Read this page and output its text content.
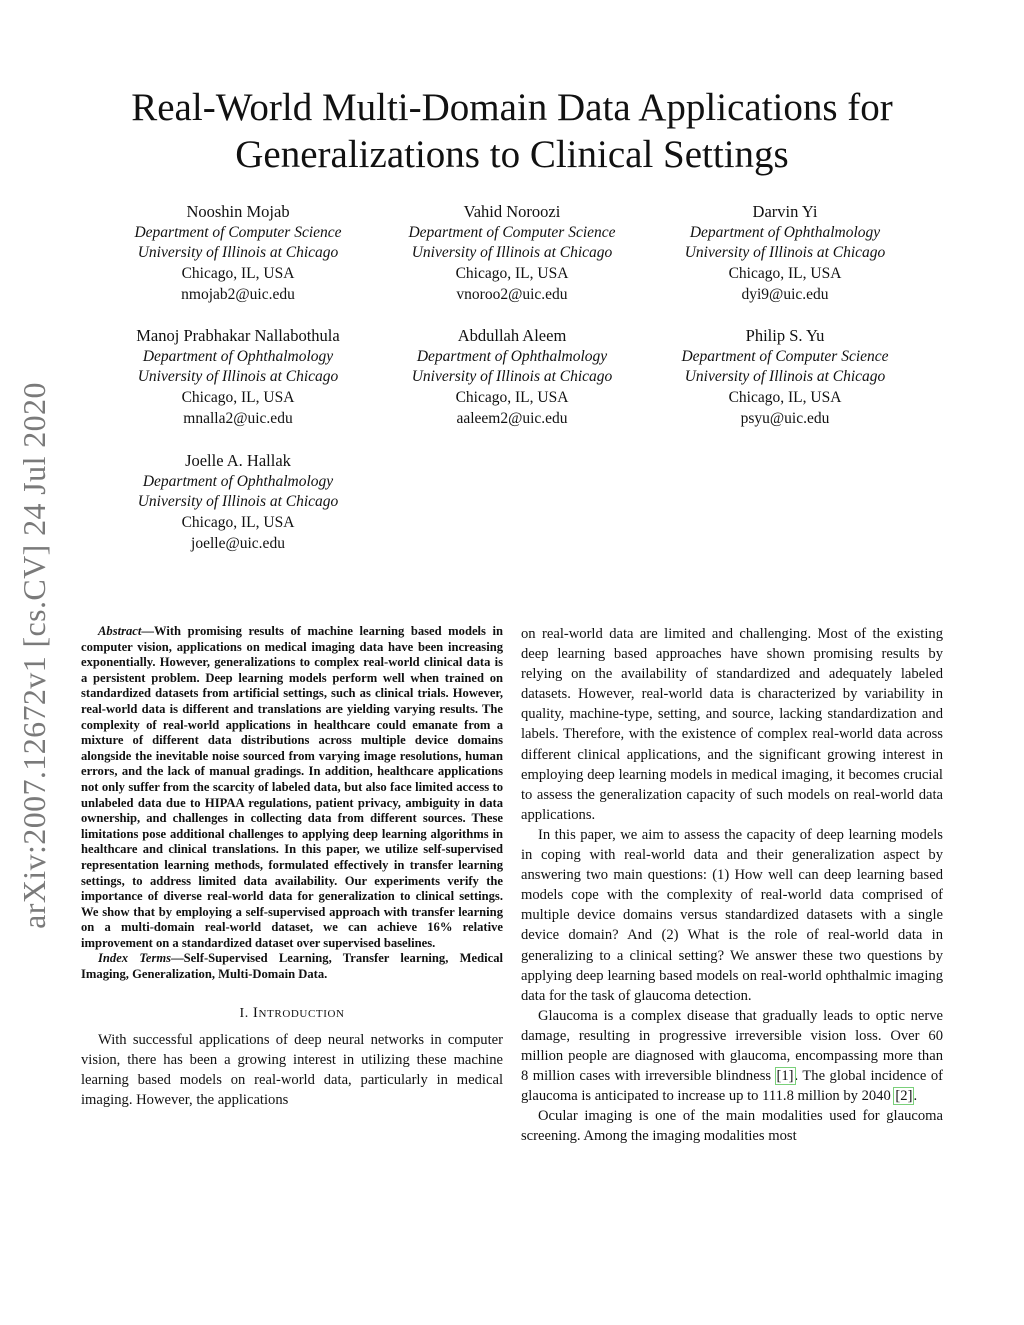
arXiv:2007.12672v1 [cs.CV] 24 Jul 2020
Real-World Multi-Domain Data Applications for
Generalizations to Clinical Settings
Nooshin Mojab
Department of Computer Science
University of Illinois at Chicago
Chicago, IL, USA
nmojab2@uic.edu
Vahid Noroozi
Department of Computer Science
University of Illinois at Chicago
Chicago, IL, USA
vnoroo2@uic.edu
Darvin Yi
Department of Ophthalmology
University of Illinois at Chicago
Chicago, IL, USA
dyi9@uic.edu
Manoj Prabhakar Nallabothula
Department of Ophthalmology
University of Illinois at Chicago
Chicago, IL, USA
mnalla2@uic.edu
Abdullah Aleem
Department of Ophthalmology
University of Illinois at Chicago
Chicago, IL, USA
aaleem2@uic.edu
Philip S. Yu
Department of Computer Science
University of Illinois at Chicago
Chicago, IL, USA
psyu@uic.edu
Joelle A. Hallak
Department of Ophthalmology
University of Illinois at Chicago
Chicago, IL, USA
joelle@uic.edu

Abstract—With promising results of machine learning based models in computer vision, applications on medical imaging data have been increasing exponentially. However, generalizations to complex real-world clinical data is a persistent problem. Deep learning models perform well when trained on standardized datasets from artificial settings, such as clinical trials. However, real-world data is different and translations are yielding varying results. The complexity of real-world applications in healthcare could emanate from a mixture of different data distributions across multiple device domains alongside the inevitable noise sourced from varying image resolutions, human errors, and the lack of manual gradings. In addition, healthcare applications not only suffer from the scarcity of labeled data, but also face limited access to unlabeled data due to HIPAA regulations, patient privacy, ambiguity in data ownership, and challenges in collecting data from different sources. These limitations pose additional challenges to applying deep learning algorithms in healthcare and clinical translations. In this paper, we utilize self-supervised representation learning methods, formulated effectively in transfer learning settings, to address limited data availability. Our experiments verify the importance of diverse real-world data for generalization to clinical settings. We show that by employing a self-supervised approach with transfer learning on a multi-domain real-world dataset, we can achieve 16% relative improvement on a standardized dataset over supervised baselines.

Index Terms—Self-Supervised Learning, Transfer learning, Medical Imaging, Generalization, Multi-Domain Data.

I. Introduction

With successful applications of deep neural networks in computer vision, there has been a growing interest in utilizing these machine learning based models on real-world data, particularly in medical imaging. However, the applications

on real-world data are limited and challenging. Most of the existing deep learning based approaches have shown promising results by relying on the availability of standardized and adequately labeled datasets. However, real-world data is characterized by variability in quality, machine-type, setting, and source, lacking standardization and labels. Therefore, with the existence of complex real-world data across different clinical applications, and the significant growing interest in employing deep learning models in medical imaging, it becomes crucial to assess the generalization capacity of such models on real-world data applications.

In this paper, we aim to assess the capacity of deep learning models in coping with real-world data and their generalization aspect by answering two main questions: (1) How well can deep learning based models cope with the complexity of real-world data comprised of multiple device domains versus standardized datasets with a single device domain? And (2) What is the role of real-world data in generalizing to a clinical setting? We answer these two questions by applying deep learning based models on real-world ophthalmic imaging data for the task of glaucoma detection.

Glaucoma is a complex disease that gradually leads to optic nerve damage, resulting in progressive irreversible vision loss. Over 60 million people are diagnosed with glaucoma, encompassing more than 8 million cases with irreversible blindness [1]. The global incidence of glaucoma is anticipated to increase up to 111.8 million by 2040 [2].

Ocular imaging is one of the main modalities used for glaucoma screening. Among the imaging modalities most
